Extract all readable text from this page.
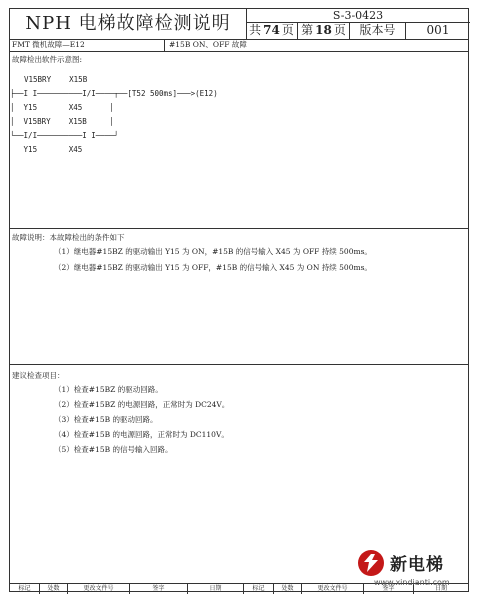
NPH 电梯故障检测说明	S-3-0423
共 74 页 第 18 页	版本号	001
FMT 微机故障—E12	#15B ON、OFF 故障
故障检出软件示意图:
V15BRY    X15B
├──I I──────────I/I────┬──[T52 500ms]───>(E12)
│  Y15       X45      │
│  V15BRY    X15B     │
└──I/I──────────I I────┘
Y15       X45
故障说明：本故障检出的条件如下
（1）继电器#15BZ 的驱动输出 Y15 为 ON，#15B 的信号输入 X45 为 OFF 持续 500ms。
（2）继电器#15BZ 的驱动输出 Y15 为 OFF，#15B 的信号输入 X45 为 ON 持续 500ms。
建议检查项目：
（1）检查#15BZ 的驱动回路。
（2）检查#15BZ 的电源回路，正常时为 DC24V。
（3）检查#15B 的驱动回路。
（4）检查#15B 的电源回路，正常时为 DC110V。
（5）检查#15B 的信号输入回路。
标记	处数	更改文件号	签字	日期	标记	处数	更改文件号	签字	日期
新电梯
www.xindianti.com
